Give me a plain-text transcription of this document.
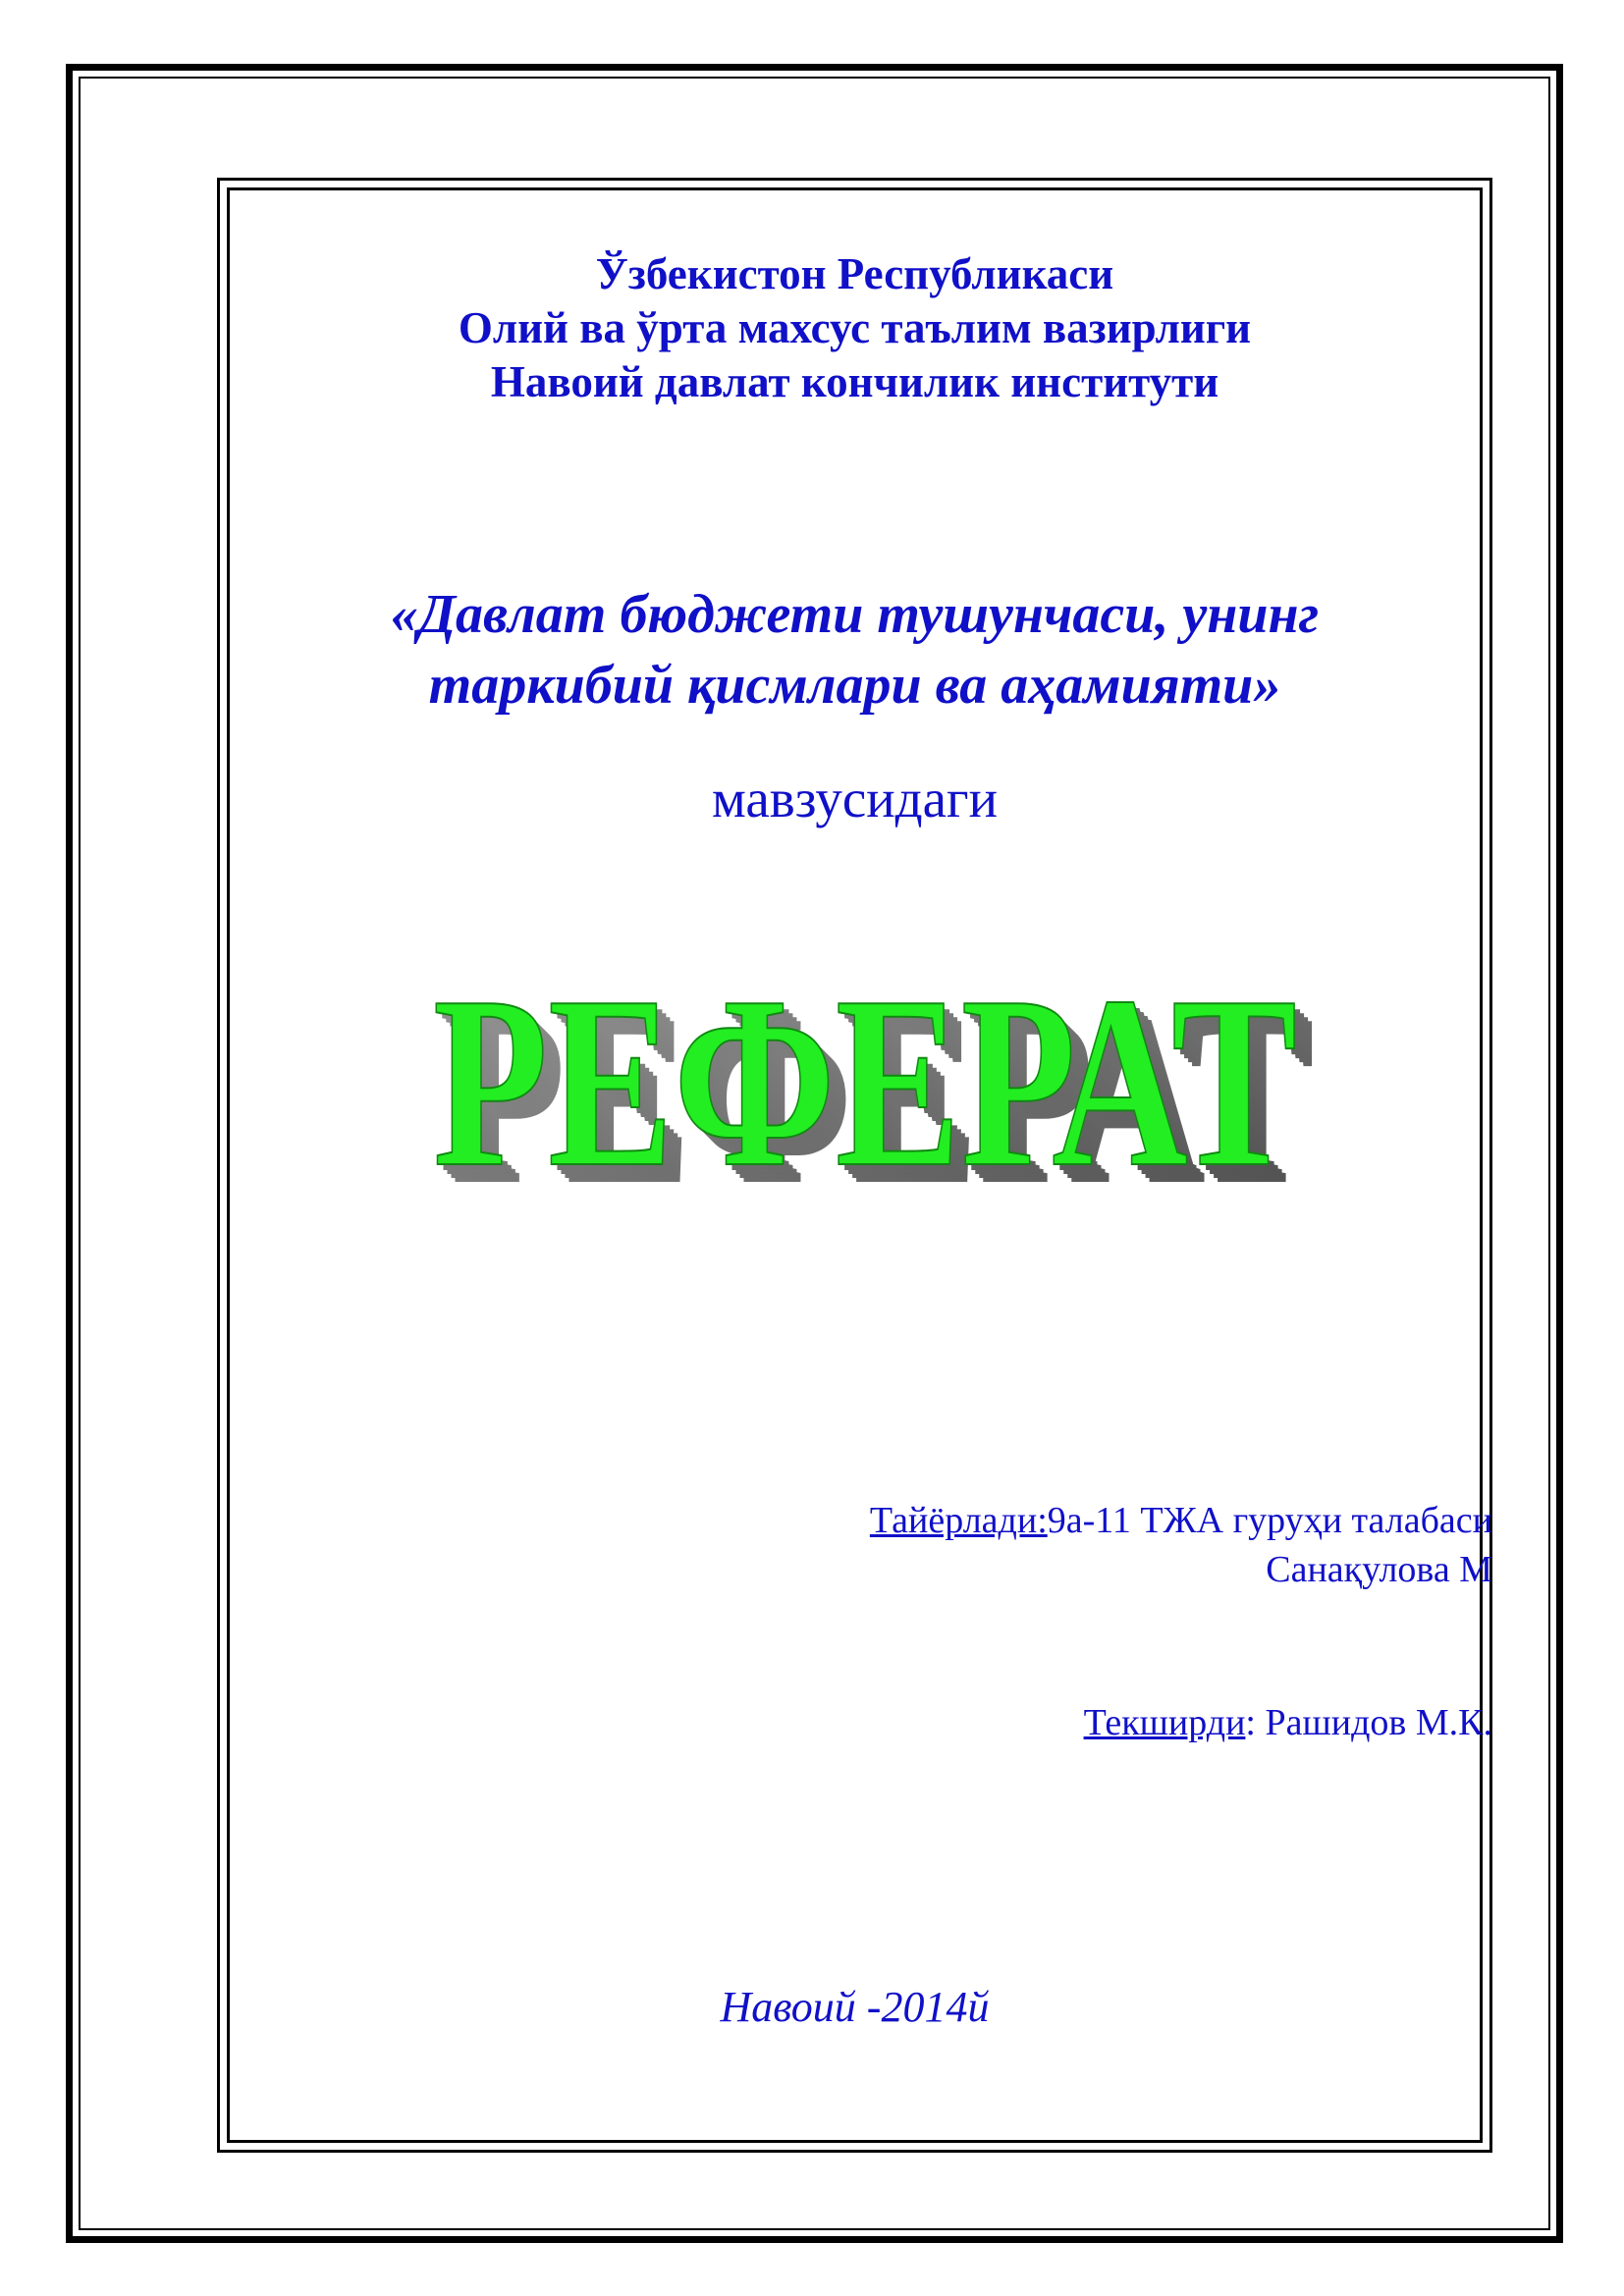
Ўзбекистон Республикаси
Олий ва ўрта махсус таълим вазирлиги
Навоий давлат кончилик институти
«Давлат бюджети тушунчаси, унинг
таркибий қисмлари ва аҳамияти»
мавзусидаги
РЕФЕРАТ
РЕФЕРАТ
РЕФЕРАТ
РЕФЕРАТ
РЕФЕРАТ
Тайёрлади:9а-11 ТЖА гуруҳи талабаси
Санақулова М
Текширди: Рашидов М.К.
Навоий -2014й
